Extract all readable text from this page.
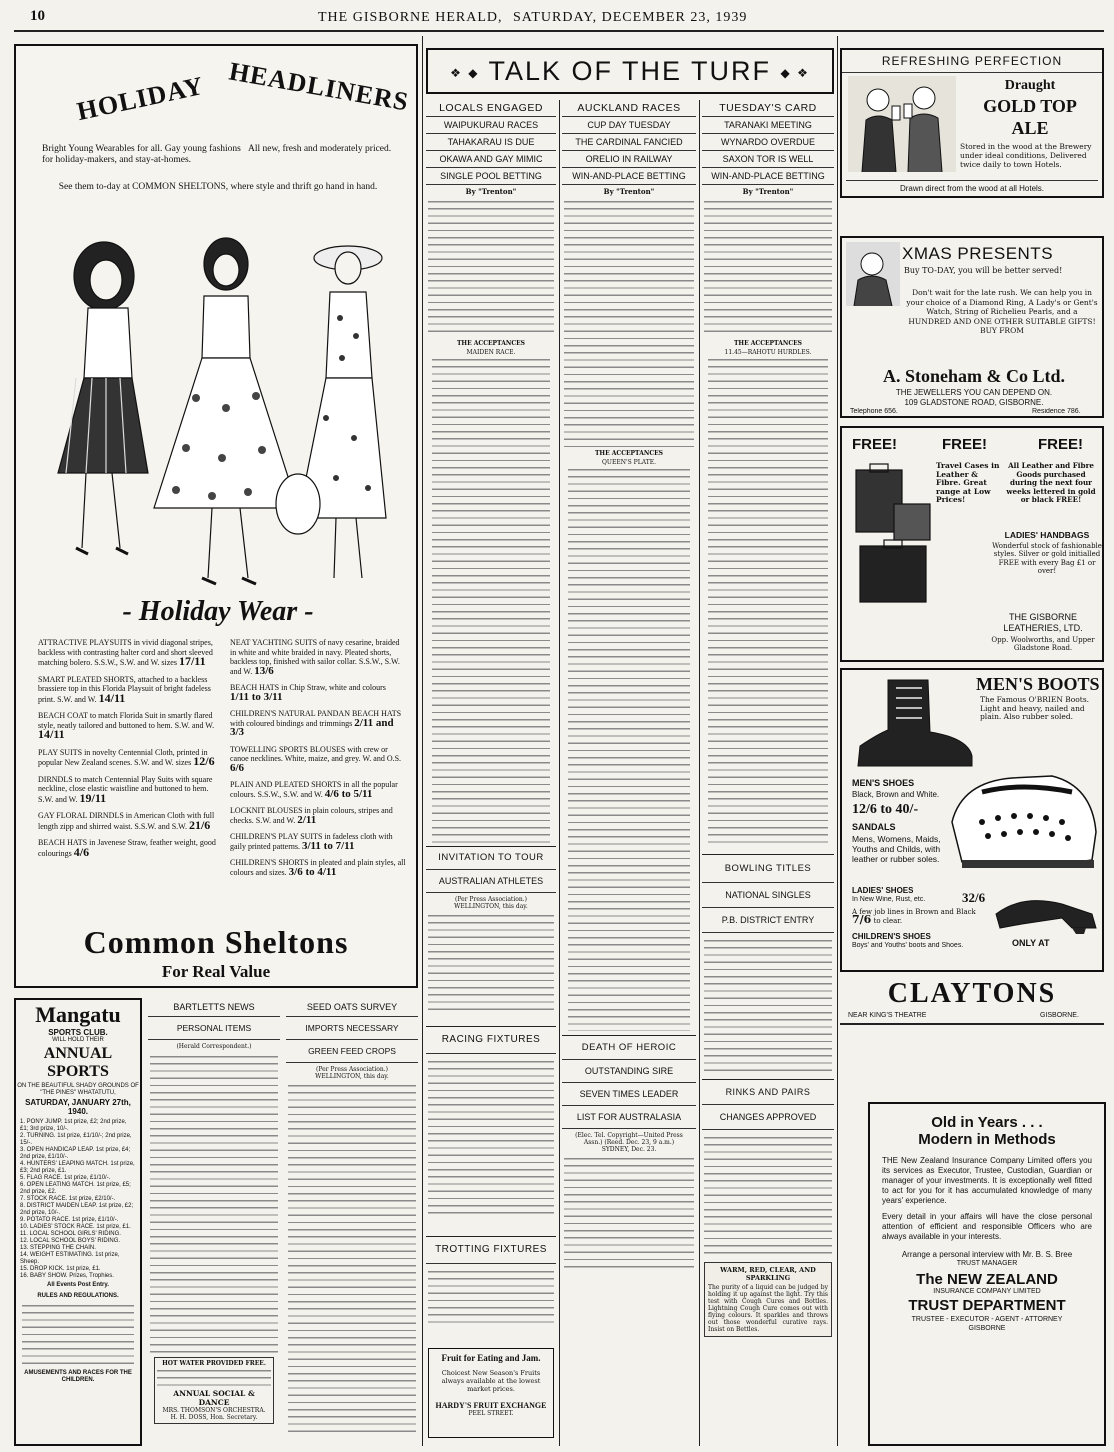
10	THE GISBORNE HERALD, SATURDAY, DECEMBER 23, 1939
HOLIDAY HEADLINERS
Bright Young Wearables for all. Gay young fashions for holiday-makers, and stay-at-homes.
All new, fresh and moderately priced.
See them to-day at COMMON SHELTONS, where style and thrift go hand in hand.
- Holiday Wear -
ATTRACTIVE PLAYSUITS in vivid diagonal stripes, backless with contrasting halter cord and short sleeved matching bolero. S.S.W., S.W. and W. sizes 17/11
SMART PLEATED SHORTS, attached to a backless brassiere top in this Florida Playsuit of bright fadeless print. S.W. and W. 14/11
BEACH COAT to match Florida Suit in smartly flared style, neatly tailored and buttoned to hem. S.W. and W. 14/11
PLAY SUITS in novelty Centennial Cloth, printed in popular New Zealand scenes. S.W. and W. sizes 12/6
DIRNDLS to match Centennial Play Suits with square neckline, close elastic waistline and buttoned to hem. S.W. and W. 19/11
GAY FLORAL DIRNDLS in American Cloth with full length zipp and shirred waist. S.S.W. and S.W. 21/6
BEACH HATS in Javenese Straw, feather weight, good colourings 4/6
NEAT YACHTING SUITS of navy cesarine, braided in white and white braided in navy. Pleated shorts, backless top, finished with sailor collar. S.S.W., S.W. and W. 13/6
BEACH HATS in Chip Straw, white and colours 1/11 to 3/11
CHILDREN'S NATURAL PANDAN BEACH HATS with coloured bindings and trimmings 2/11 and 3/3
TOWELLING SPORTS BLOUSES with crew or canoe necklines. White, maize, and grey. W. and O.S. 6/6
PLAIN AND PLEATED SHORTS in all the popular colours. S.S.W., S.W. and W. 4/6 to 5/11
LOCKNIT BLOUSES in plain colours, stripes and checks. S.W. and W. 2/11
CHILDREN'S PLAY SUITS in fadeless cloth with gaily printed patterns. 3/11 to 7/11
CHILDREN'S SHORTS in pleated and plain styles, all colours and sizes. 3/6 to 4/11
Common Sheltons
For Real Value
Mangatu
SPORTS CLUB.
WILL HOLD THEIR
ANNUAL SPORTS
ON THE BEAUTIFUL SHADY GROUNDS OF "THE PINES" WHATATUTU,
SATURDAY, JANUARY 27th, 1940.
1. PONY JUMP. 1st prize, £2; 2nd prize, £1; 3rd prize, 10/-.
2. TURNING. 1st prize, £1/10/-; 2nd prize, 15/-.
3. OPEN HANDICAP LEAP. 1st prize, £4; 2nd prize, £1/10/-.
4. HUNTERS' LEAPING MATCH. 1st prize, £3; 2nd prize, £1.
5. FLAG RACE. 1st prize, £1/10/-.
6. OPEN LEATING MATCH. 1st prize, £5; 2nd prize, £2.
7. STOCK RACE. 1st prize, £2/10/-.
8. DISTRICT MAIDEN LEAP. 1st prize, £2; 2nd prize, 10/-.
9. POTATO RACE. 1st prize, £1/10/-.
10. LADIES' STOCK RACE. 1st prize, £1.
11. LOCAL SCHOOL GIRLS' RIDING.
12. LOCAL SCHOOL BOYS' RIDING.
13. STEPPING THE CHAIN.
14. WEIGHT ESTIMATING. 1st prize, Sheep.
15. DROP KICK. 1st prize, £1.
16. BABY SHOW. Prizes, Trophies.
All Events Post Entry.
RULES AND REGULATIONS.
AMUSEMENTS AND RACES FOR THE CHILDREN.
BARTLETTS NEWS
PERSONAL ITEMS
(Herald Correspondent.)
HOT WATER PROVIDED FREE.
ANNUAL SOCIAL & DANCE
MRS. THOMSON'S ORCHESTRA.
H. H. DOSS, Hon. Secretary.
SEED OATS SURVEY
IMPORTS NECESSARY
GREEN FEED CROPS
(Per Press Association.)
WELLINGTON, this day.
❖ ◆ TALK OF THE TURF ◆ ❖
LOCALS ENGAGED
WAIPUKURAU RACES
TAHAKARAU IS DUE
OKAWA AND GAY MIMIC
SINGLE POOL BETTING
By "Trenton"
THE ACCEPTANCES
MAIDEN RACE.
INVITATION TO TOUR
AUSTRALIAN ATHLETES
(Per Press Association.)
WELLINGTON, this day.
RACING FIXTURES
TROTTING FIXTURES
Fruit for Eating and Jam.
Choicest New Season's Fruits always available at the lowest market prices.
HARDY'S FRUIT EXCHANGE
PEEL STREET.
AUCKLAND RACES
CUP DAY TUESDAY
THE CARDINAL FANCIED
ORELIO IN RAILWAY
WIN-AND-PLACE BETTING
By "Trenton"
THE ACCEPTANCES
QUEEN'S PLATE.
DEATH OF HEROIC
OUTSTANDING SIRE
SEVEN TIMES LEADER
LIST FOR AUSTRALASIA
(Elec. Tel. Copyright—United Press Assn.) (Reed. Dec. 23, 9 a.m.)
SYDNEY, Dec. 23.
TUESDAY'S CARD
TARANAKI MEETING
WYNARDO OVERDUE
SAXON TOR IS WELL
WIN-AND-PLACE BETTING
By "Trenton"
THE ACCEPTANCES
11.45—RAHOTU HURDLES.
BOWLING TITLES
NATIONAL SINGLES
P.B. DISTRICT ENTRY
RINKS AND PAIRS
CHANGES APPROVED
WARM, RED, CLEAR, AND SPARKLING
The purity of a liquid can be judged by holding it up against the light. Try this test with Cough Cures and Bottles. Lightning Cough Cure comes out with flying colours. It sparkles and throws out those wonderful curative rays. Insist on Bettles.
REFRESHING PERFECTION
Draught
GOLD TOP
ALE
Stored in the wood at the Brewery under ideal conditions, Delivered twice daily to town Hotels.
Drawn direct from the wood at all Hotels.
XMAS PRESENTS
Buy TO-DAY, you will be better served!
Don't wait for the late rush. We can help you in your choice of a Diamond Ring, A Lady's or Gent's Watch, String of Richelieu Pearls, and a HUNDRED AND ONE OTHER SUITABLE GIFTS! BUY FROM
A. Stoneham & Co Ltd.
THE JEWELLERS YOU CAN DEPEND ON.
109 GLADSTONE ROAD, GISBORNE.
Telephone 656.	Residence 786.
FREE!	FREE!	FREE!
Travel Cases in Leather & Fibre. Great range at Low Prices!
All Leather and Fibre Goods purchased during the next four weeks lettered in gold or black FREE!
LADIES' HANDBAGS
Wonderful stock of fashionable styles. Silver or gold initialled FREE with every Bag £1 or over!
THE GISBORNE LEATHERIES, LTD.
Opp. Woolworths, and Upper Gladstone Road.
MEN'S BOOTS
The Famous O'BRIEN Boots. Light and heavy, nailed and plain. Also rubber soled.
MEN'S SHOES
Black, Brown and White.
12/6 to 40/-
SANDALS
Mens, Womens, Maids, Youths and Childs, with leather or rubber soles.
LADIES' SHOES
In New Wine, Rust, etc.	32/6
A few job lines in Brown and Black 7/6 to clear.
CHILDREN'S SHOES
Boys' and Youths' boots and Shoes.	ONLY AT
CLAYTONS
NEAR KING'S THEATRE	GISBORNE.
Old in Years . . .
Modern in Methods
THE New Zealand Insurance Company Limited offers you its services as Executor, Trustee, Custodian, Guardian or manager of your investments. It is exceptionally well fitted to act for you for it has accumulated knowledge of many years' experience.
Every detail in your affairs will have the close personal attention of efficient and responsible Officers who are always available in your interests.
Arrange a personal interview with Mr. B. S. Bree
TRUST MANAGER
The NEW ZEALAND
INSURANCE COMPANY LIMITED
TRUST DEPARTMENT
TRUSTEE - EXECUTOR - AGENT - ATTORNEY
GISBORNE
